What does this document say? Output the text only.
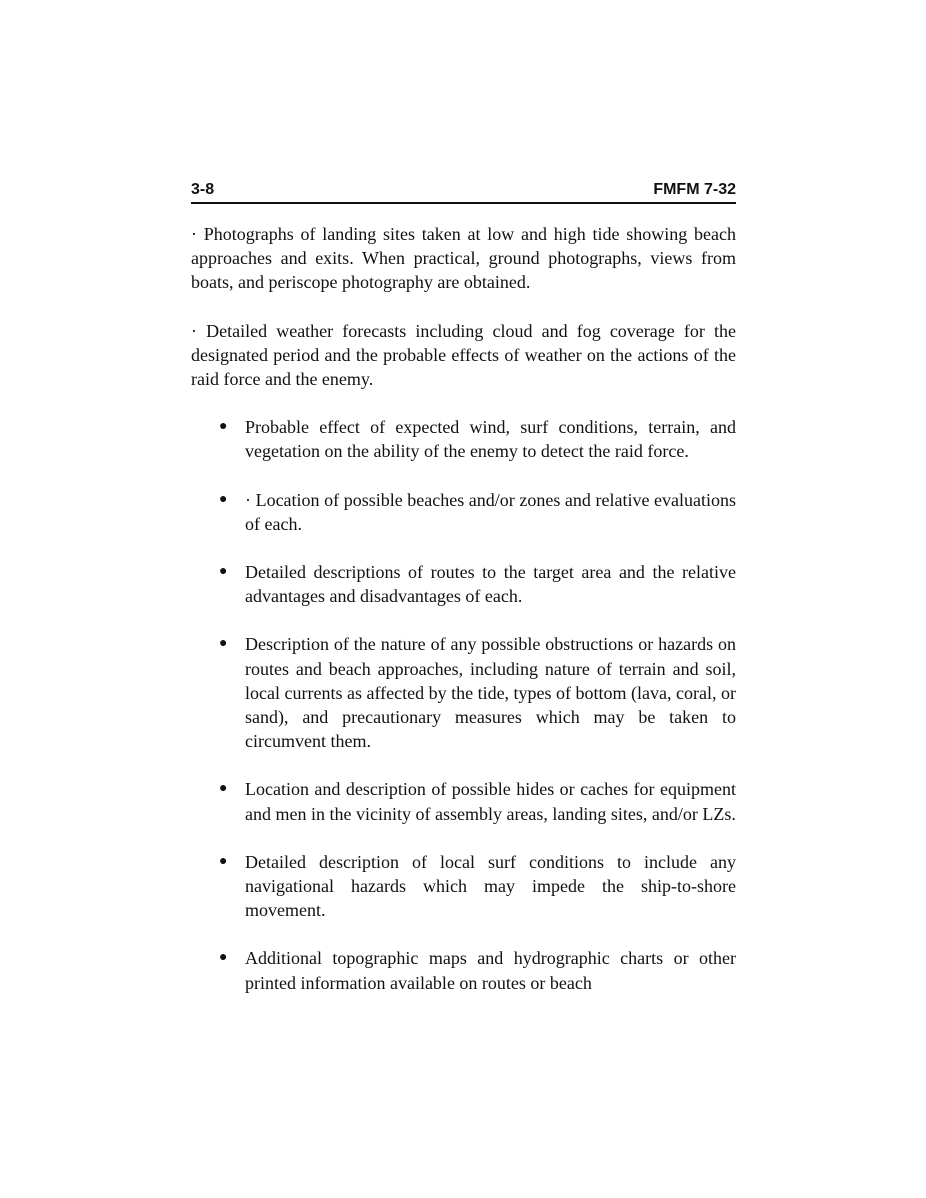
3-8	FMFM 7-32

· Photographs of landing sites taken at low and high tide showing beach approaches and exits. When practical, ground photographs, views from boats, and periscope photography are obtained.

· Detailed weather forecasts including cloud and fog coverage for the designated period and the probable effects of weather on the actions of the raid force and the enemy.

● Probable effect of expected wind, surf conditions, terrain, and vegetation on the ability of the enemy to detect the raid force.
● · Location of possible beaches and/or zones and relative evaluations of each.
● Detailed descriptions of routes to the target area and the relative advantages and disadvantages of each.
● Description of the nature of any possible obstructions or hazards on routes and beach approaches, including nature of terrain and soil, local currents as affected by the tide, types of bottom (lava, coral, or sand), and precautionary measures which may be taken to circumvent them.
● Location and description of possible hides or caches for equipment and men in the vicinity of assembly areas, landing sites, and/or LZs.
● Detailed description of local surf conditions to include any navigational hazards which may impede the ship-to-shore movement.
● Additional topographic maps and hydrographic charts or other printed information available on routes or beach
